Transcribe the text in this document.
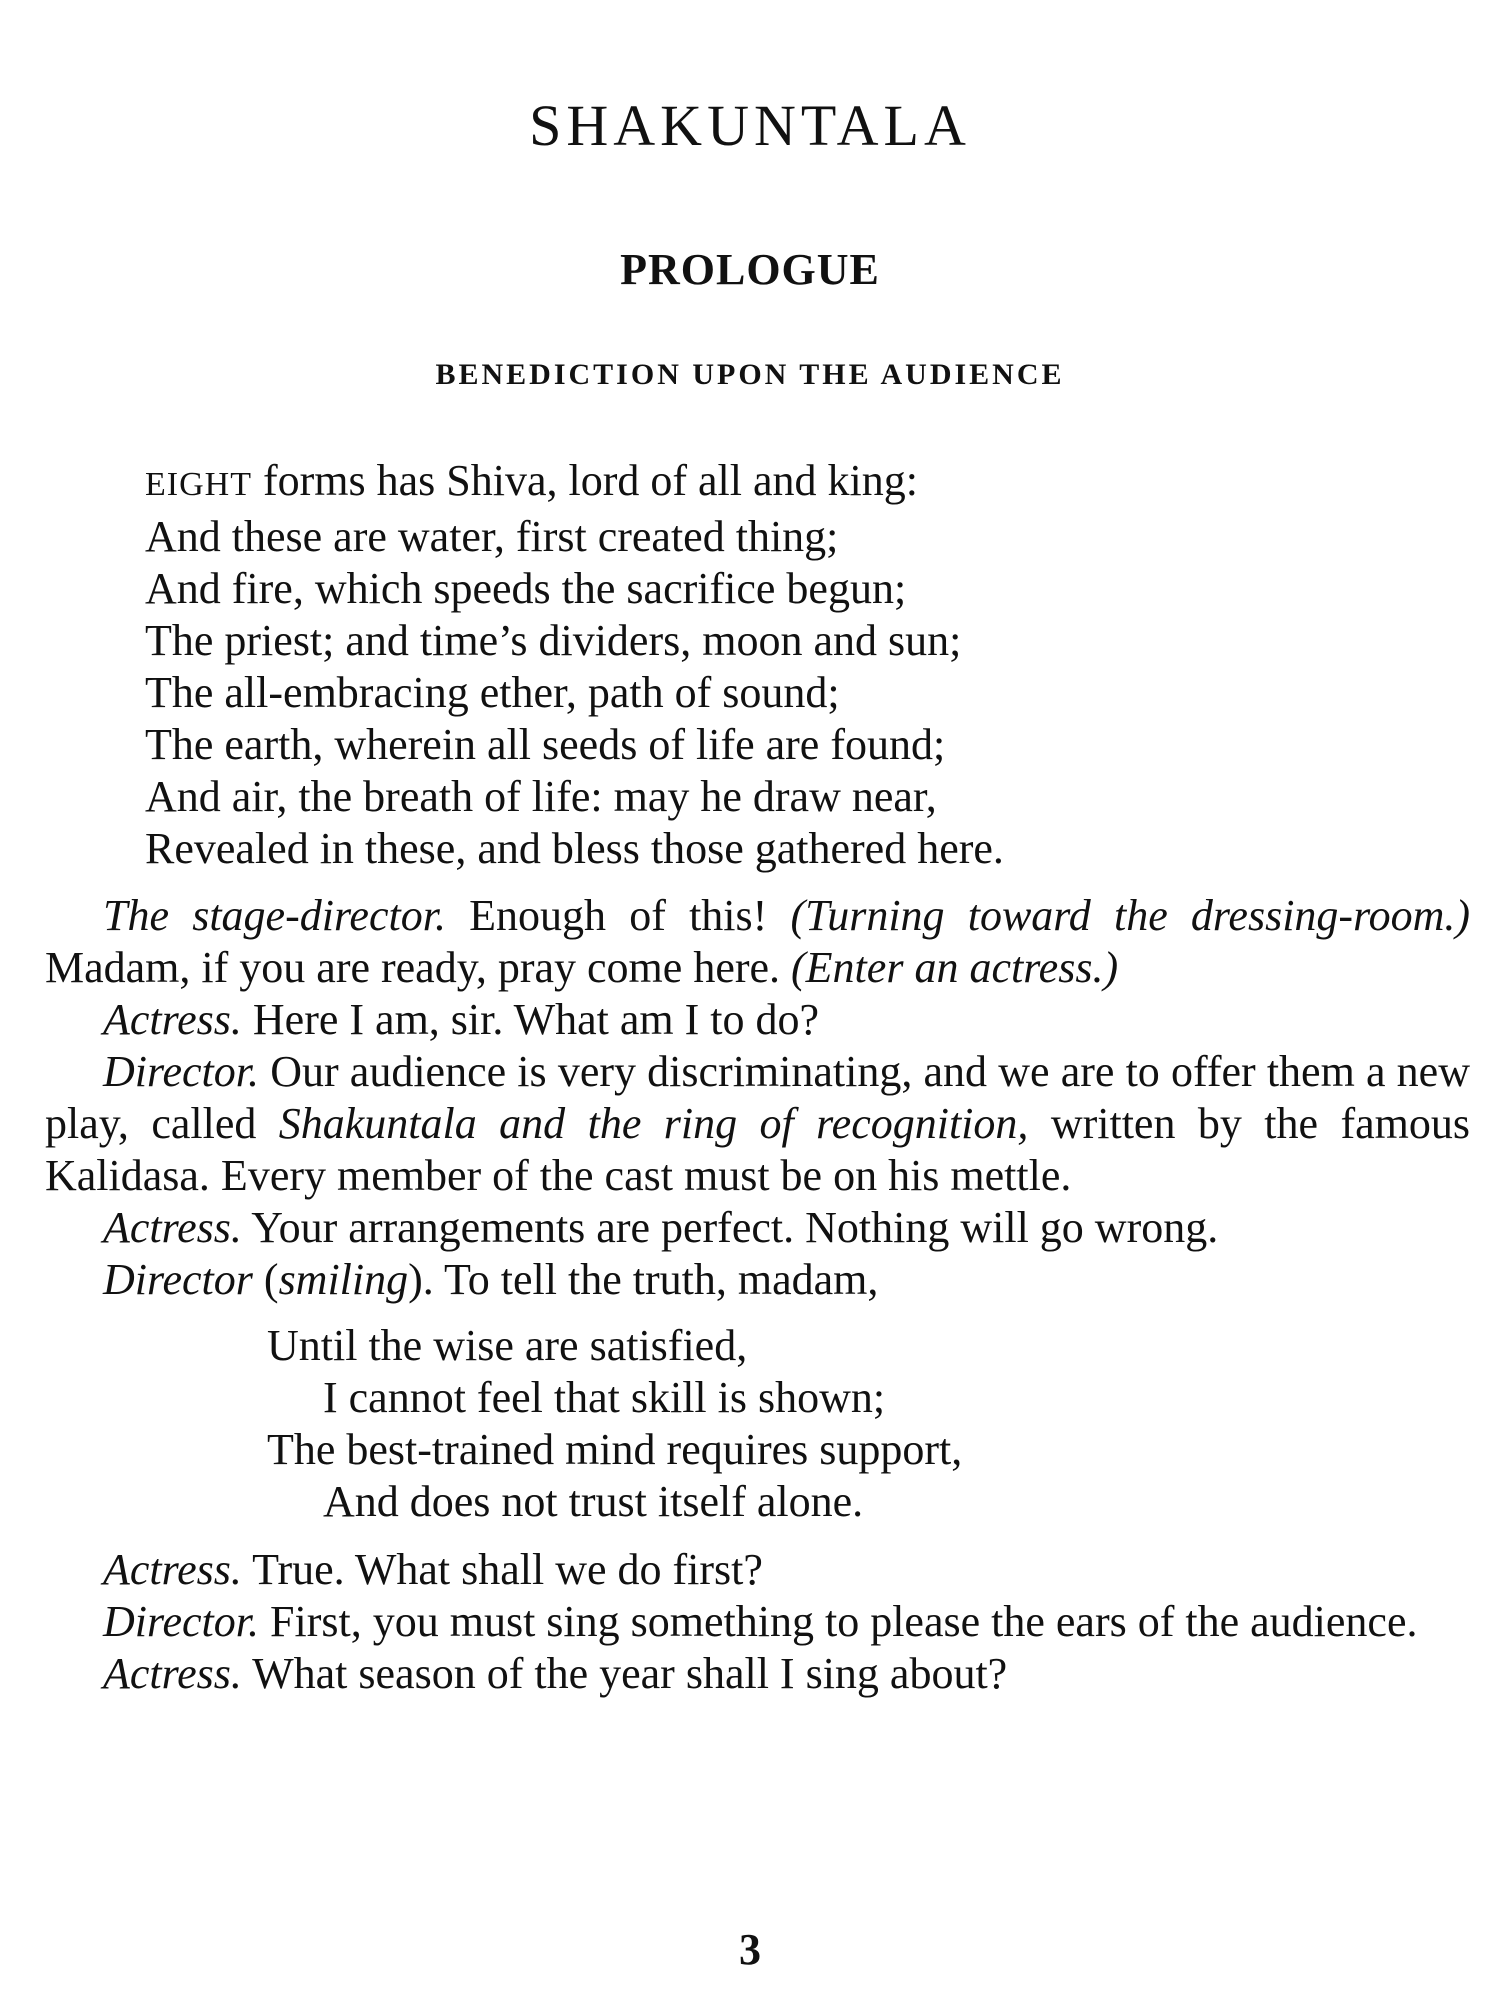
SHAKUNTALA
PROLOGUE
BENEDICTION UPON THE AUDIENCE
EIGHT forms has Shiva, lord of all and king:
And these are water, first created thing;
And fire, which speeds the sacrifice begun;
The priest; and time’s dividers, moon and sun;
The all-embracing ether, path of sound;
The earth, wherein all seeds of life are found;
And air, the breath of life: may he draw near,
Revealed in these, and bless those gathered here.
The stage-director. Enough of this! (Turning toward the dressing-room.) Madam, if you are ready, pray come here. (Enter an actress.)
Actress. Here I am, sir. What am I to do?
Director. Our audience is very discriminating, and we are to offer them a new play, called Shakuntala and the ring of recognition, written by the famous Kalidasa. Every member of the cast must be on his mettle.
Actress. Your arrangements are perfect. Nothing will go wrong.
Director (smiling). To tell the truth, madam,
Until the wise are satisfied,
I cannot feel that skill is shown;
The best-trained mind requires support,
And does not trust itself alone.
Actress. True. What shall we do first?
Director. First, you must sing something to please the ears of the audience.
Actress. What season of the year shall I sing about?
3
